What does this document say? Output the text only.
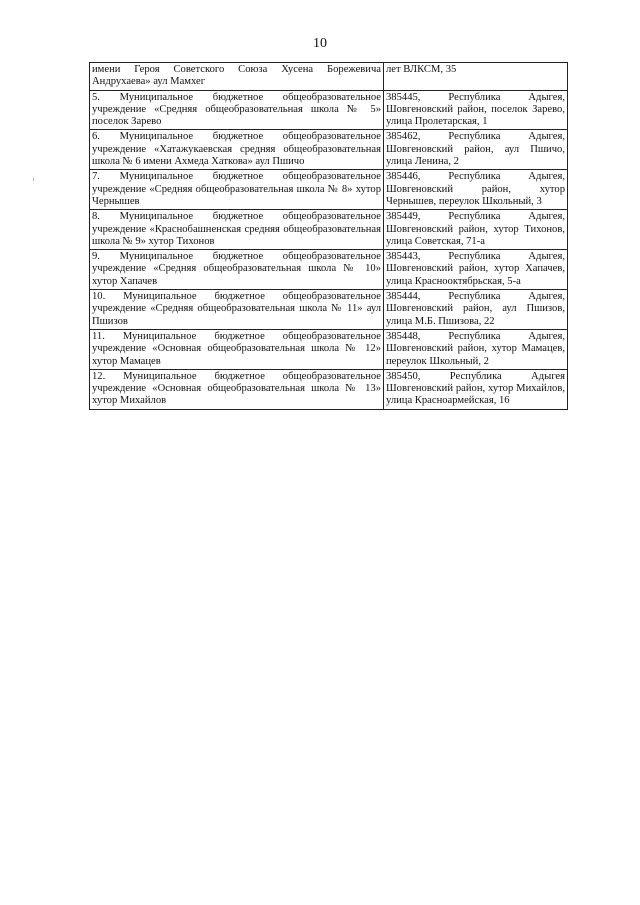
10
имени Героя Советского Союза Хусена Борежевича Андрухаева» аул Мамхег	лет ВЛКСМ, 35
5. Муниципальное бюджетное общеобразовательное учреждение «Средняя общеобразовательная школа № 5» поселок Зарево	385445, Республика Адыгея, Шовгеновский район, поселок Зарево, улица Пролетарская, 1
6. Муниципальное бюджетное общеобразовательное учреждение «Хатажукаевская средняя общеобразовательная школа № 6 имени Ахмеда Хаткова» аул Пшичо	385462, Республика Адыгея, Шовгеновский район, аул Пшичо, улица Ленина, 2
7. Муниципальное бюджетное общеобразовательное учреждение «Средняя общеобразовательная школа № 8» хутор Чернышев	385446, Республика Адыгея, Шовгеновский район, хутор Чернышев, переулок Школьный, 3
8. Муниципальное бюджетное общеобразовательное учреждение «Краснобашненская средняя общеобразовательная школа № 9» хутор Тихонов	385449, Республика Адыгея, Шовгеновский район, хутор Тихонов, улица Советская, 71-а
9. Муниципальное бюджетное общеобразовательное учреждение «Средняя общеобразовательная школа № 10» хутор Хапачев	385443, Республика Адыгея, Шовгеновский район, хутор Хапачев, улица Краснооктябрьская, 5-а
10. Муниципальное бюджетное общеобразовательное учреждение «Средняя общеобразовательная школа № 11» аул Пшизов	385444, Республика Адыгея, Шовгеновский район, аул Пшизов, улица М.Б. Пшизова, 22
11. Муниципальное бюджетное общеобразовательное учреждение «Основная общеобразовательная школа № 12» хутор Мамацев	385448, Республика Адыгея, Шовгеновский район, хутор Мамацев, переулок Школьный, 2
12. Муниципальное бюджетное общеобразовательное учреждение «Основная общеобразовательная школа № 13» хутор Михайлов	385450, Республика Адыгея Шовгеновский район, хутор Михайлов, улица Красноармейская, 16
